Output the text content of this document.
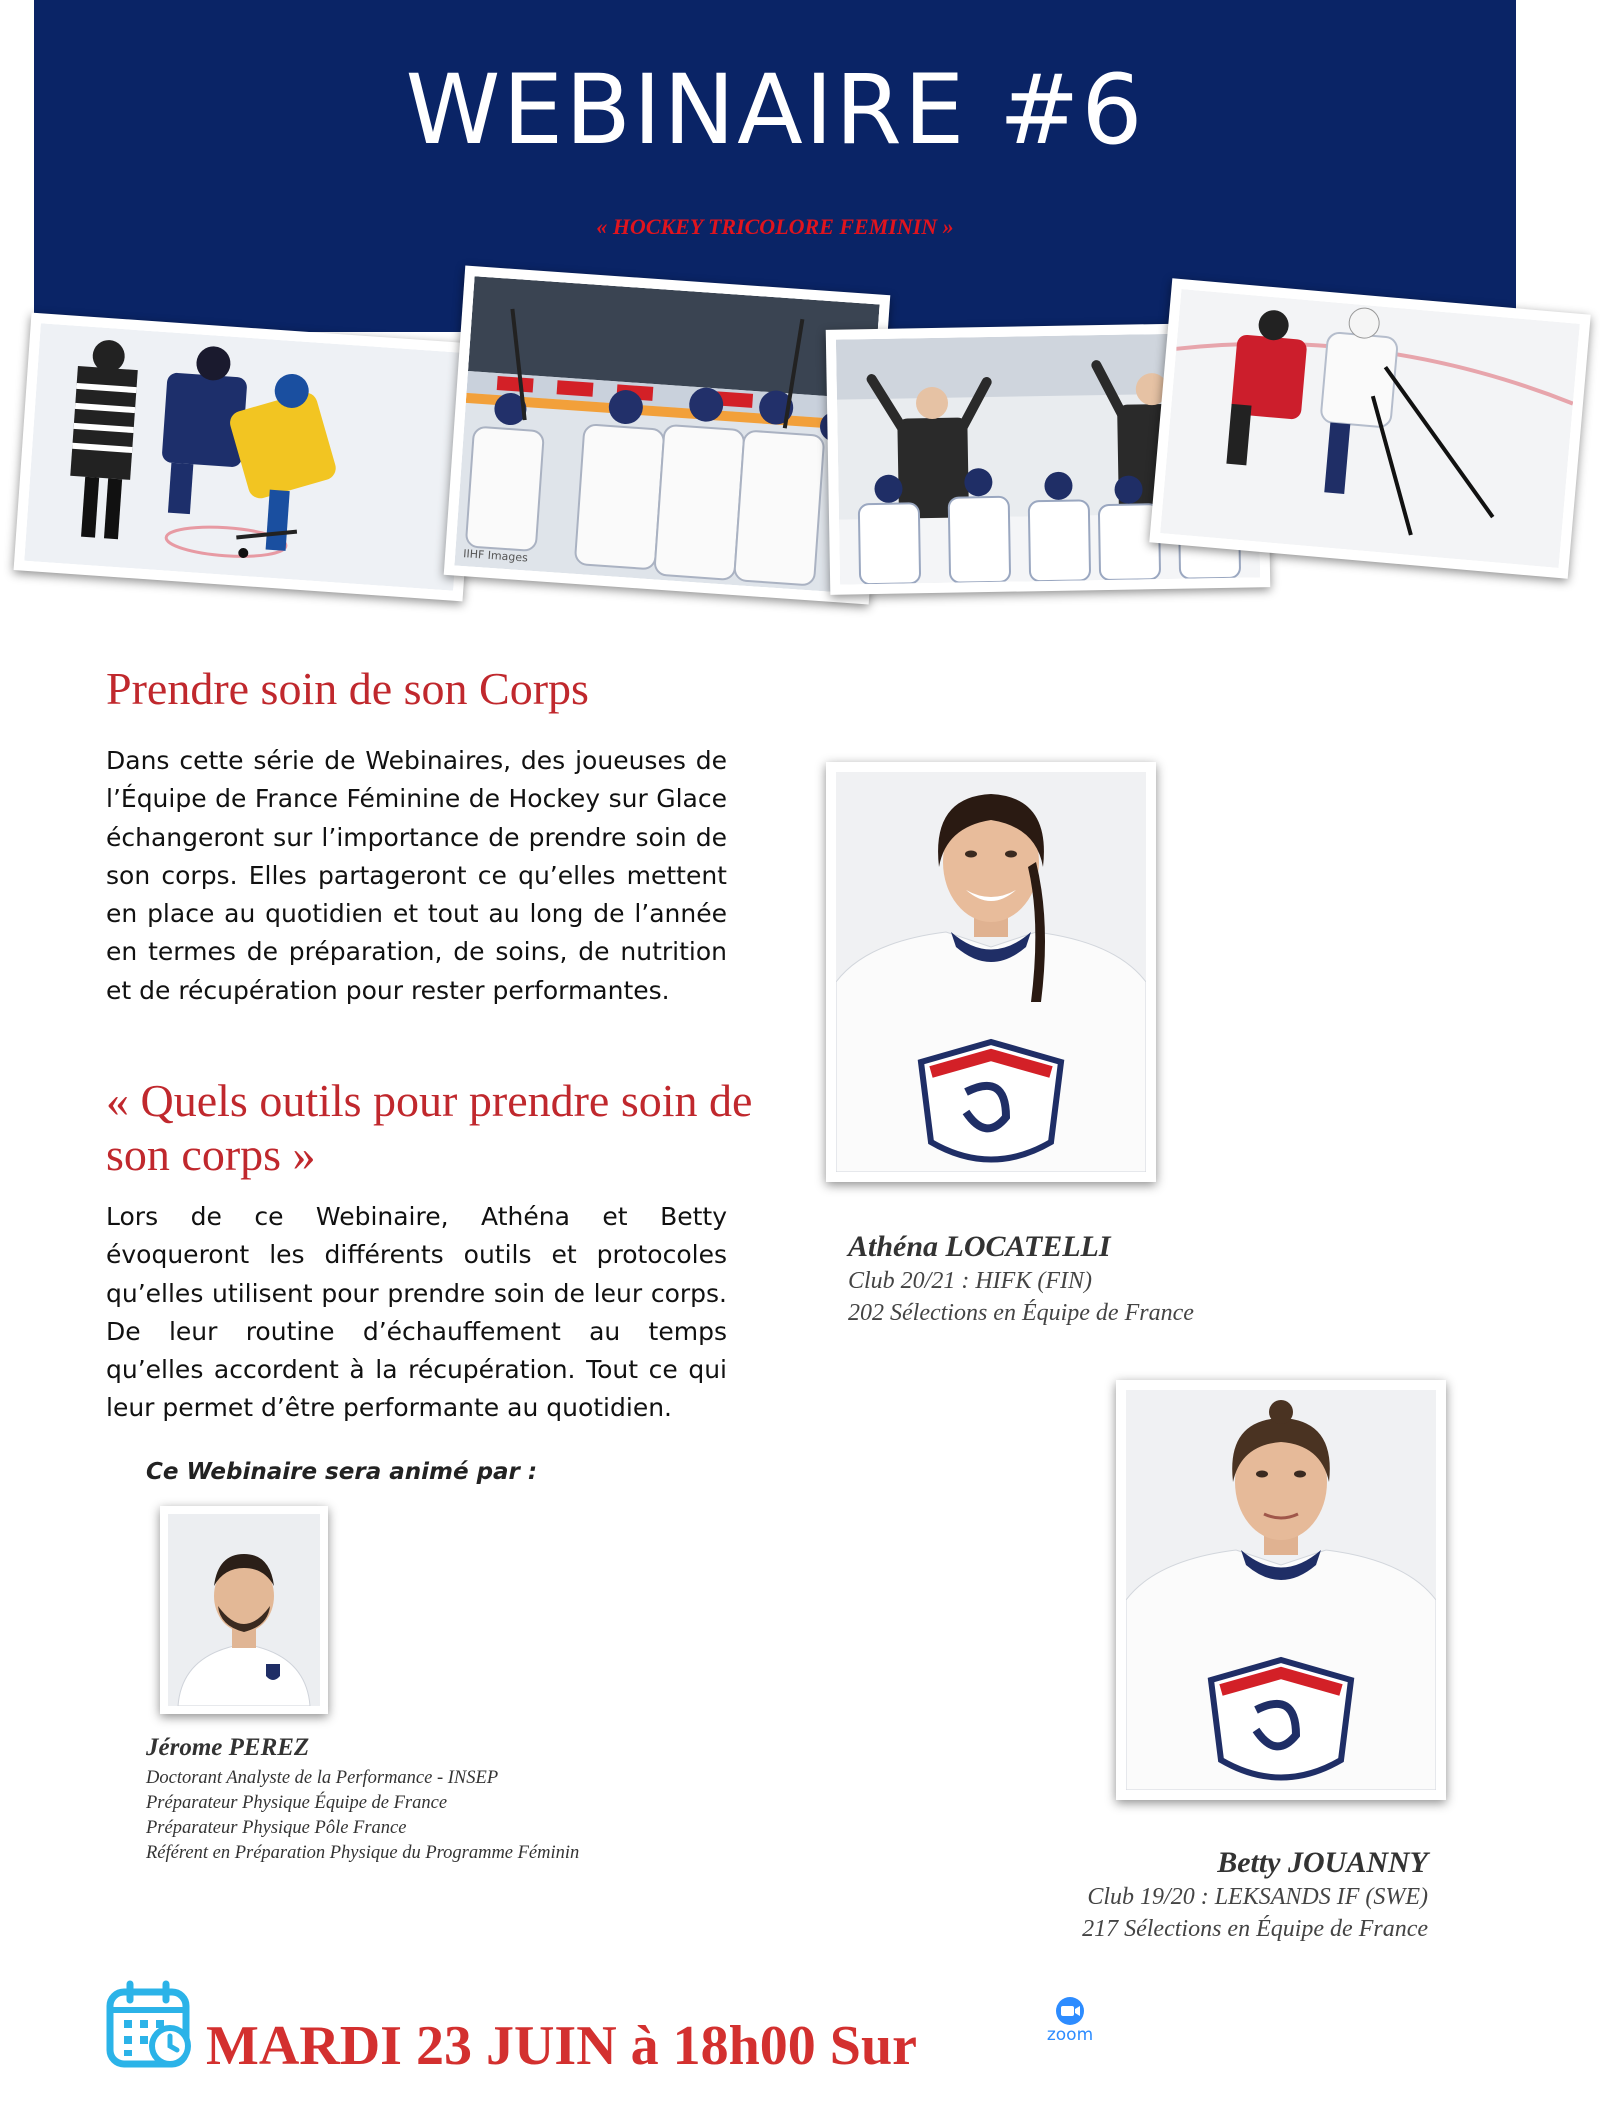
WEBINAIRE #6
« HOCKEY TRICOLORE FEMININ »
IIHF Images
Prendre soin de son Corps
Dans cette série de Webinaires, des joueuses de l’Équipe de France Féminine de Hockey sur Glace échangeront sur l’importance de prendre soin de son corps. Elles partageront ce qu’elles mettent en place au quotidien et tout au long de l’année en termes de préparation, de soins, de nutrition et de récupération pour rester performantes.
« Quels outils pour prendre soin de
son corps »
Lors de ce Webinaire, Athéna et Betty évoqueront les différents outils et protocoles qu’elles utilisent pour prendre soin de leur corps. De leur routine d’échauffement au temps qu’elles accordent à la récupération. Tout ce qui leur permet d’être performante au quotidien.
Ce Webinaire sera animé par :
Jérome PEREZ
Doctorant Analyste de la Performance - INSEP
Préparateur Physique Équipe de France
Préparateur Physique Pôle France
Référent en Préparation Physique du Programme Féminin
Athéna LOCATELLI
Club 20/21 : HIFK (FIN)
202 Sélections en Équipe de France
Betty JOUANNY
Club 19/20 : LEKSANDS IF (SWE)
217 Sélections en Équipe de France
MARDI 23 JUIN à 18h00 Sur	zoom
